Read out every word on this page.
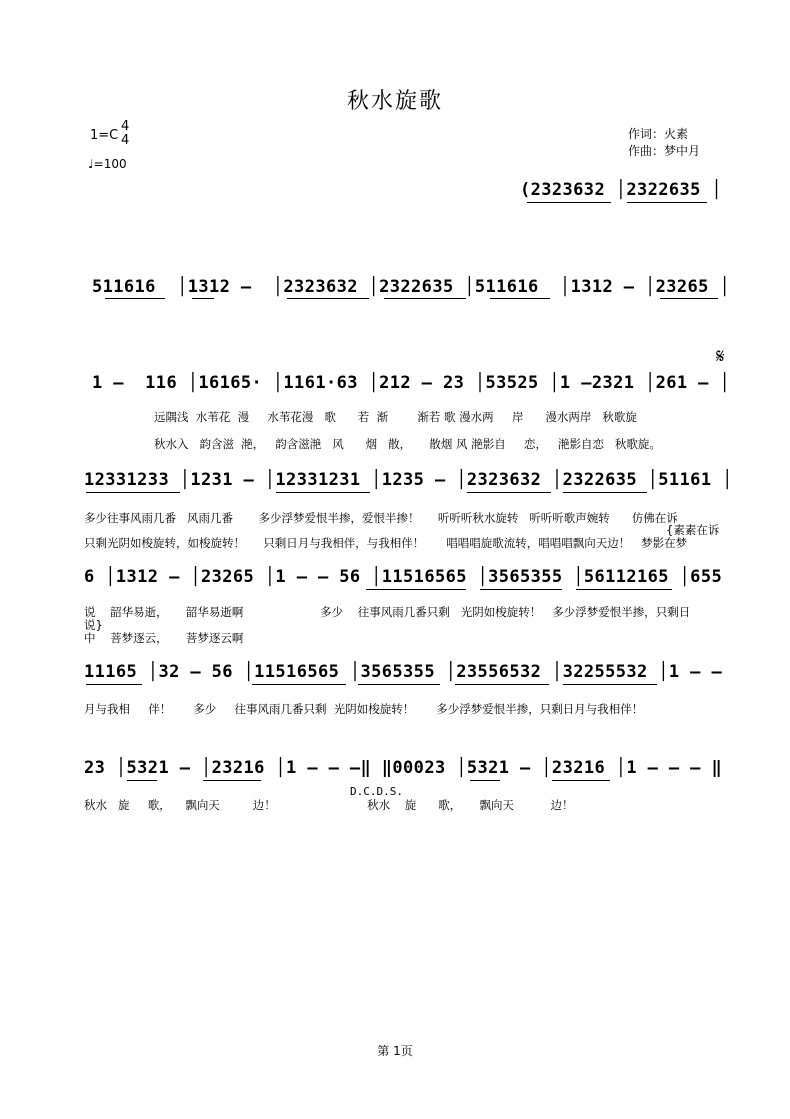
秋水旋歌
1=C
4
4
♩=100
作词：火素
作曲：梦中月
(2323632 │2322635 │
511616  │1312 –  │2323632 │2322635 │511616  │1312 – │23265 │
1 –  116 │16165· │1161·63 │212 – 23 │53525 │1 –2321 │261 – │
𝄋
远隅浅  水苇花  漫     水苇花漫   歌      若  渐        渐若 歌 漫水两     岸      漫水两岸   秋歌旋
秋水入   韵含滋  滟，   韵含滋滟   风      烟   散，     散烟 风 滟影自     恋，   滟影自恋   秋歌旋。
12331233 │1231 – │12331231 │1235 – │2323632 │2322635 │51161 │
多少往事风雨几番   风雨几番       多少浮梦爱恨半掺，爱恨半掺！     听听听秋水旋转   听听听歌声婉转      仿佛在诉
{素素在诉
只剩光阴如梭旋转，如梭旋转！     只剩日月与我相伴，与我相伴！      唱唱唱旋歌流转，唱唱唱飘向天边！   梦影在梦
6 │1312 – │23265 │1 – – 56 │11516565 │3565355 │56112165 │655
说    韶华易逝，     韶华易逝啊                     多少    往事风雨几番只剩   光阴如梭旋转！   多少浮梦爱恨半掺，只剩日
说}
中    菩梦逐云，     菩梦逐云啊
11165 │32 – 56 │11516565 │3565355 │23556532 │32255532 │1 – –
月与我相     伴！      多少     往事风雨几番只剩  光阴如梭旋转！      多少浮梦爱恨半掺，只剩日月与我相伴！
23 │5321 – │23216 │1 – – –‖ ‖00023 │5321 – │23216 │1 – – – ‖
D.C.D.S.
秋水   旋     歌，    飘向天         边！                         秋水    旋      歌，     飘向天          边！
第 1页
